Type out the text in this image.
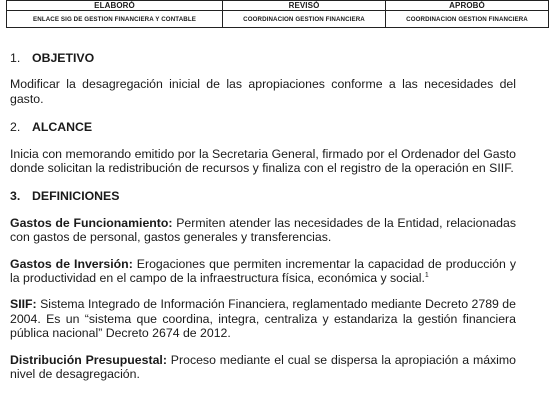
ELABORÓ	REVISÓ	APROBÓ
ENLACE SIG DE GESTION FINANCIERA Y CONTABLE	COORDINACION GESTION FINANCIERA	COORDINACION GESTION FINANCIERA

1. OBJETIVO

Modificar la desagregación inicial de las apropiaciones conforme a las necesidades del gasto.

2. ALCANCE

Inicia con memorando emitido por la Secretaria General, firmado por el Ordenador del Gasto donde solicitan la redistribución de recursos y finaliza con el registro de la operación en SIIF.

3. DEFINICIONES

Gastos de Funcionamiento: Permiten atender las necesidades de la Entidad, relacionadas con gastos de personal, gastos generales y transferencias.

Gastos de Inversión: Erogaciones que permiten incrementar la capacidad de producción y la productividad en el campo de la infraestructura física, económica y social.$^1$

SIIF: Sistema Integrado de Información Financiera, reglamentado mediante Decreto 2789 de 2004. Es un “sistema que coordina, integra, centraliza y estandariza la gestión financiera pública nacional” Decreto 2674 de 2012.

Distribución Presupuestal: Proceso mediante el cual se dispersa la apropiación a máximo nivel de desagregación.
